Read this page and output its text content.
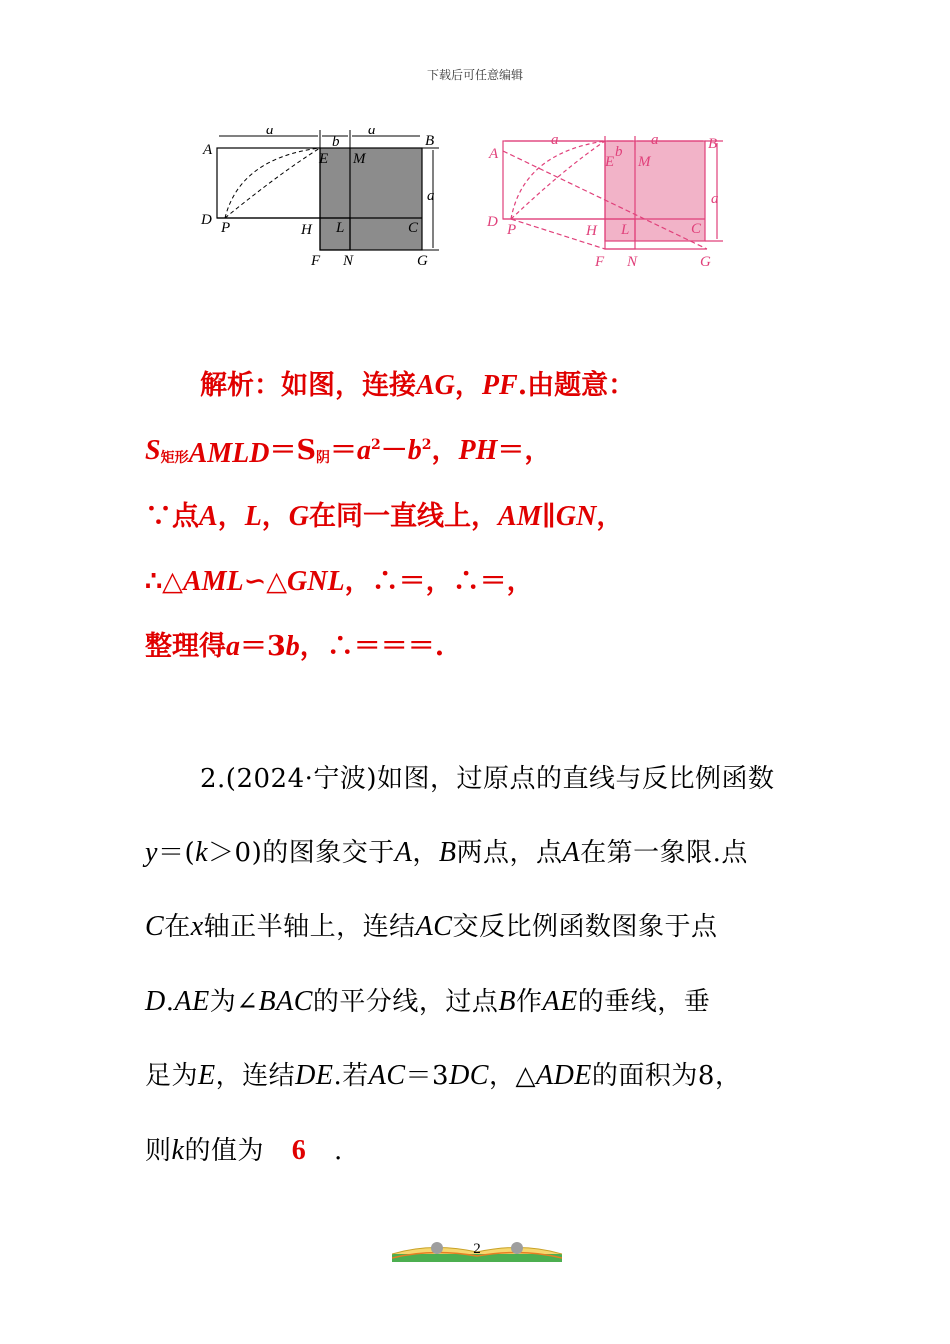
下载后可任意编辑
A
B
C
D
E
F	G
H L
M
N
P
a
b
a
a
A
B
C
D
E
F	G
H L
M
N
P
a
b
a
a
解析：如图，连接AG，PF.由题意：
$S_{矩形AMLD}=S_阴=a^2-b^2$，PH＝，
∵点A，L，G在同一直线上，AM∥GN，
∴△AML∽△GNL，∴＝，∴＝，
整理得a＝3b，∴＝＝＝.
2.(2024·宁波)如图，过原点的直线与反比例函数
y＝(k＞0)的图象交于A，B两点，点A在第一象限.点
C在x轴正半轴上，连结AC交反比例函数图象于点
D.AE为∠BAC的平分线，过点B作AE的垂线，垂
足为E，连结DE.若AC＝3DC，△ADE的面积为8，
则k的值为 6 .
2
